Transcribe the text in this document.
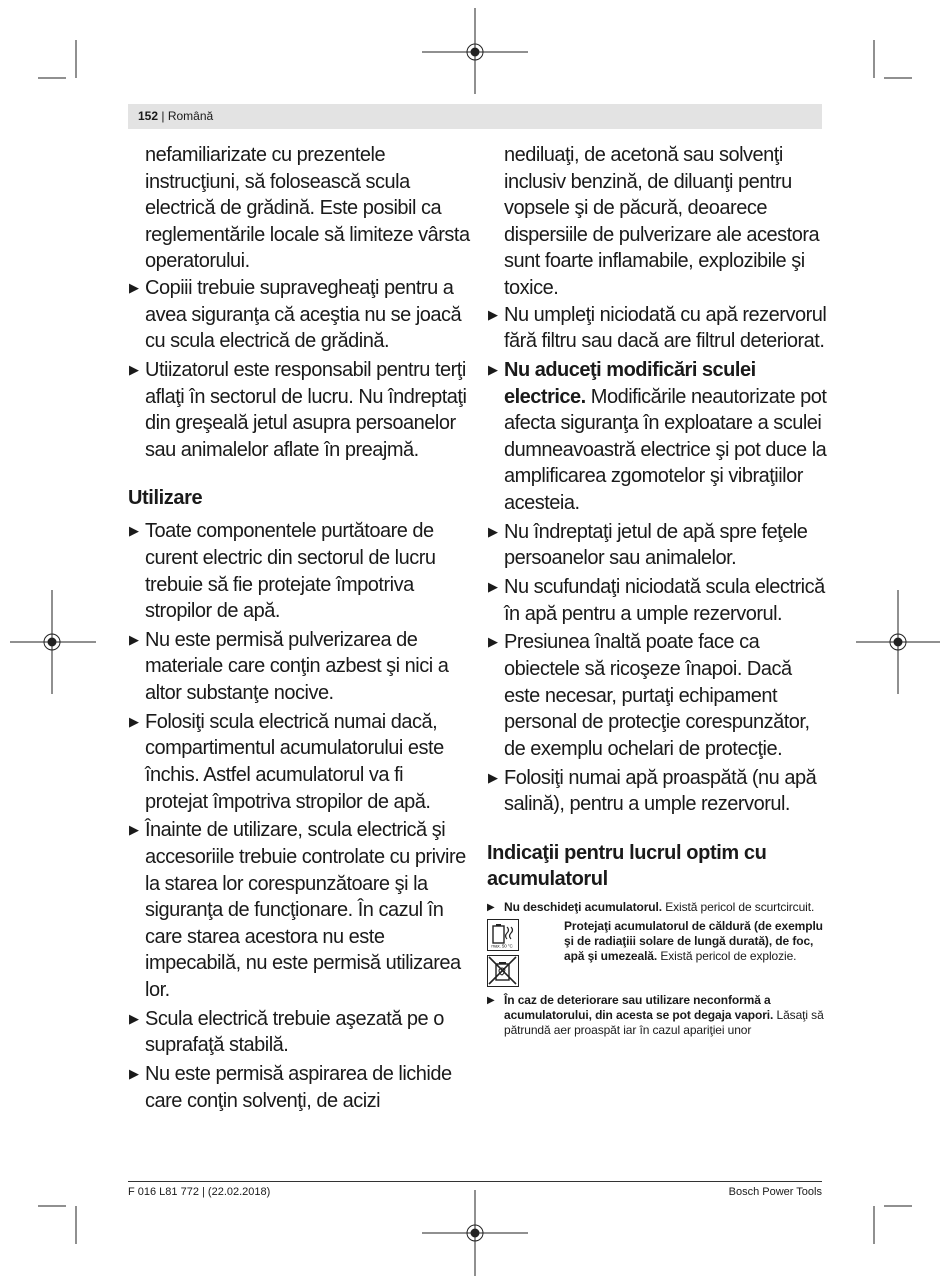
152 | Română

nefamiliarizate cu prezentele instrucţiuni, să folosească scula electrică de grădină. Este posibil ca reglementările locale să limiteze vârsta operatorului.

▶ Copiii trebuie supravegheaţi pentru a avea siguranţa că aceştia nu se joacă cu scula electrică de grădină.
▶ Utiizatorul este responsabil pentru terţi aflaţi în sectorul de lucru. Nu îndreptaţi din greşeală jetul asupra persoanelor sau animalelor aflate în preajmă.
Utilizare
▶ Toate componentele purtătoare de curent electric din sectorul de lucru trebuie să fie protejate împotriva stropilor de apă.
▶ Nu este permisă pulverizarea de materiale care conţin azbest şi nici a altor substanţe nocive.
▶ Folosiţi scula electrică numai dacă, compartimentul acumulatorului este închis. Astfel acumulatorul va fi protejat împotriva stropilor de apă.
▶ Înainte de utilizare, scula electrică şi accesoriile trebuie controlate cu privire la starea lor corespunzătoare şi la siguranţa de funcţionare. În cazul în care starea acestora nu este impecabilă, nu este permisă utilizarea lor.
▶ Scula electrică trebuie aşezată pe o suprafaţă stabilă.
▶ Nu este permisă aspirarea de lichide care conţin solvenţi, de acizi

nediluaţi, de acetonă sau solvenţi inclusiv benzină, de diluanţi pentru vopsele şi de păcură, deoarece dispersiile de pulverizare ale acestora sunt foarte inflamabile, explozibile şi toxice.

▶ Nu umpleţi niciodată cu apă rezervorul fără filtru sau dacă are filtrul deteriorat.
▶ Nu aduceţi modificări sculei electrice. Modificările neautorizate pot afecta siguranţa în exploatare a sculei dumneavoastră electrice şi pot duce la amplificarea zgomotelor şi vibraţiilor acesteia.
▶ Nu îndreptaţi jetul de apă spre feţele persoanelor sau animalelor.
▶ Nu scufundaţi niciodată scula electrică în apă pentru a umple rezervorul.
▶ Presiunea înaltă poate face ca obiectele să ricoşeze înapoi. Dacă este necesar, purtaţi echipament personal de protecţie corespunzător, de exemplu ochelari de protecţie.
▶ Folosiţi numai apă proaspătă (nu apă salină), pentru a umple rezervorul.
Indicaţii pentru lucrul optim cu acumulatorul
▶ Nu deschideţi acumulatorul. Există pericol de scurtcircuit.
max. 50 °C
Protejaţi acumulatorul de căldură (de exemplu şi de radiaţiii solare de lungă durată), de foc, apă şi umezeală. Există pericol de explozie.
▶ În caz de deteriorare sau utilizare neconformă a acumulatorului, din acesta se pot degaja vapori. Lăsaţi să pătrundă aer proaspăt iar în cazul apariţiei unor
F 016 L81 772 | (22.02.2018)	Bosch Power Tools
